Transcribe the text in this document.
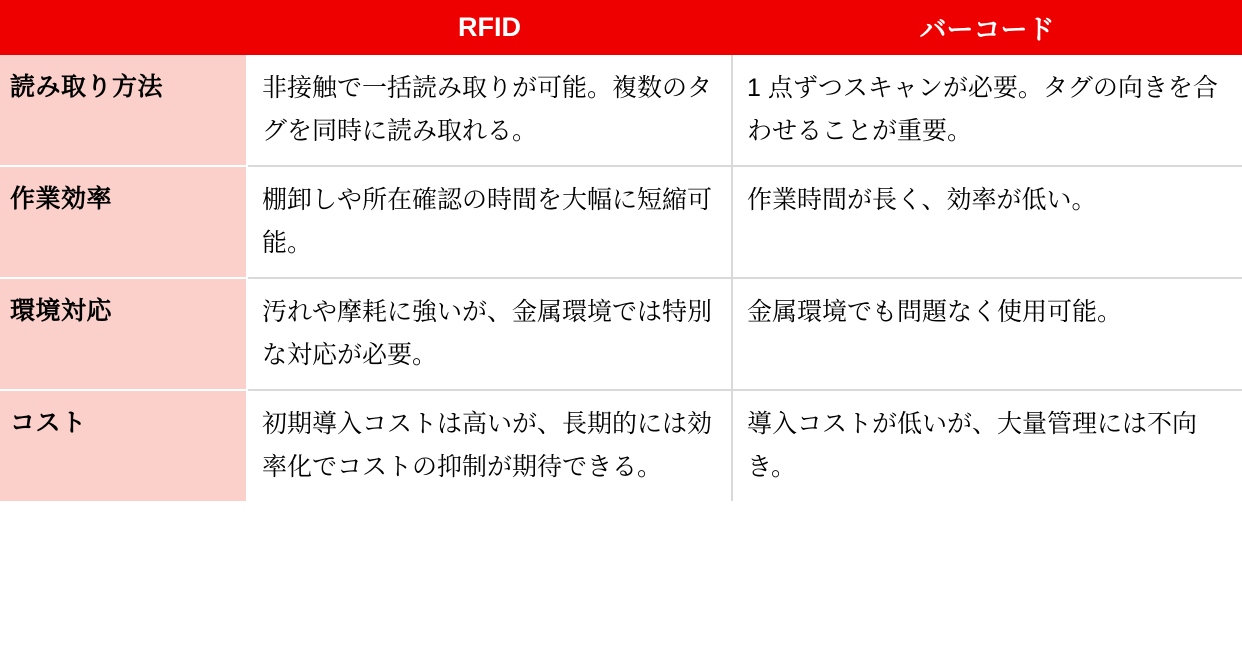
	RFID	バーコード
読み取り方法	非接触で一括読み取りが可能。複数のタグを同時に読み取れる。	1 点ずつスキャンが必要。タグの向きを合わせることが重要。
作業効率	棚卸しや所在確認の時間を大幅に短縮可能。	作業時間が長く、効率が低い。
環境対応	汚れや摩耗に強いが、金属環境では特別な対応が必要。	金属環境でも問題なく使用可能。
コスト	初期導入コストは高いが、長期的には効率化でコストの抑制が期待できる。	導入コストが低いが、大量管理には不向き。
